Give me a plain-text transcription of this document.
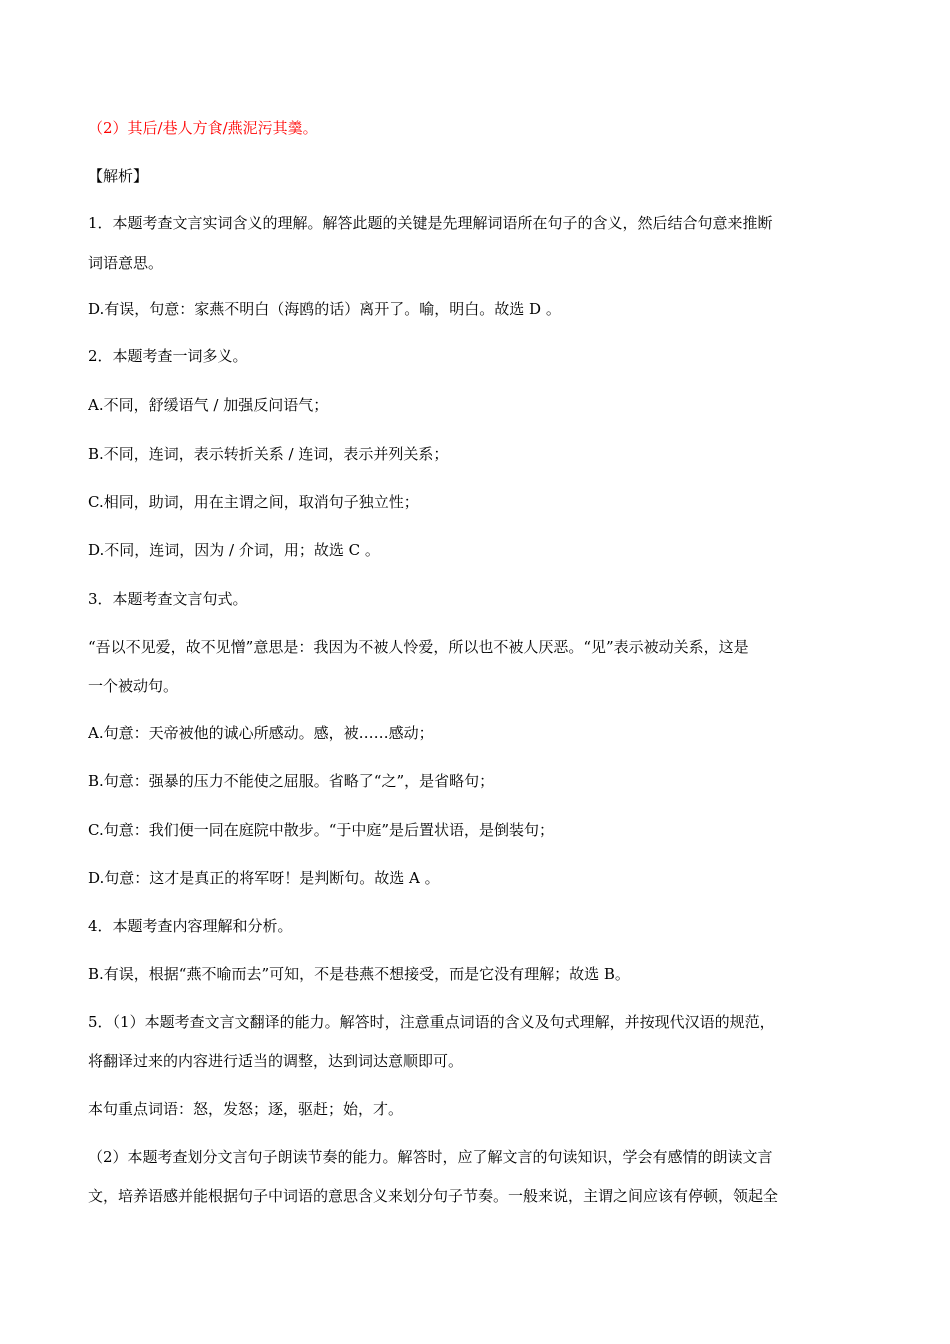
（2）其后/巷人方食/燕泥污其羹。
【解析】
1．本题考查文言实词含义的理解。解答此题的关键是先理解词语所在句子的含义，然后结合句意来推断
词语意思。
D.有误，句意：家燕不明白（海鸥的话）离开了。喻，明白。故选 D 。
2．本题考查一词多义。
A.不同，舒缓语气 / 加强反问语气；
B.不同，连词，表示转折关系 / 连词，表示并列关系；
C.相同，助词，用在主谓之间，取消句子独立性；
D.不同，连词，因为 / 介词，用；故选 C 。
3．本题考查文言句式。
“吾以不见爱，故不见憎”意思是：我因为不被人怜爱，所以也不被人厌恶。“见”表示被动关系，这是
一个被动句。
A.句意：天帝被他的诚心所感动。感，被……感动；
B.句意：强暴的压力不能使之屈服。省略了“之”，是省略句；
C.句意：我们便一同在庭院中散步。“于中庭”是后置状语，是倒装句；
D.句意：这才是真正的将军呀！是判断句。故选 A 。
4．本题考查内容理解和分析。
B.有误，根据“燕不喻而去”可知，不是巷燕不想接受，而是它没有理解；故选 B。
5．（1）本题考查文言文翻译的能力。解答时，注意重点词语的含义及句式理解，并按现代汉语的规范，
将翻译过来的内容进行适当的调整，达到词达意顺即可。
本句重点词语：怒，发怒；逐，驱赶；始，才。
（2）本题考查划分文言句子朗读节奏的能力。解答时，应了解文言的句读知识，学会有感情的朗读文言
文，培养语感并能根据句子中词语的意思含义来划分句子节奏。一般来说，主谓之间应该有停顿，领起全
